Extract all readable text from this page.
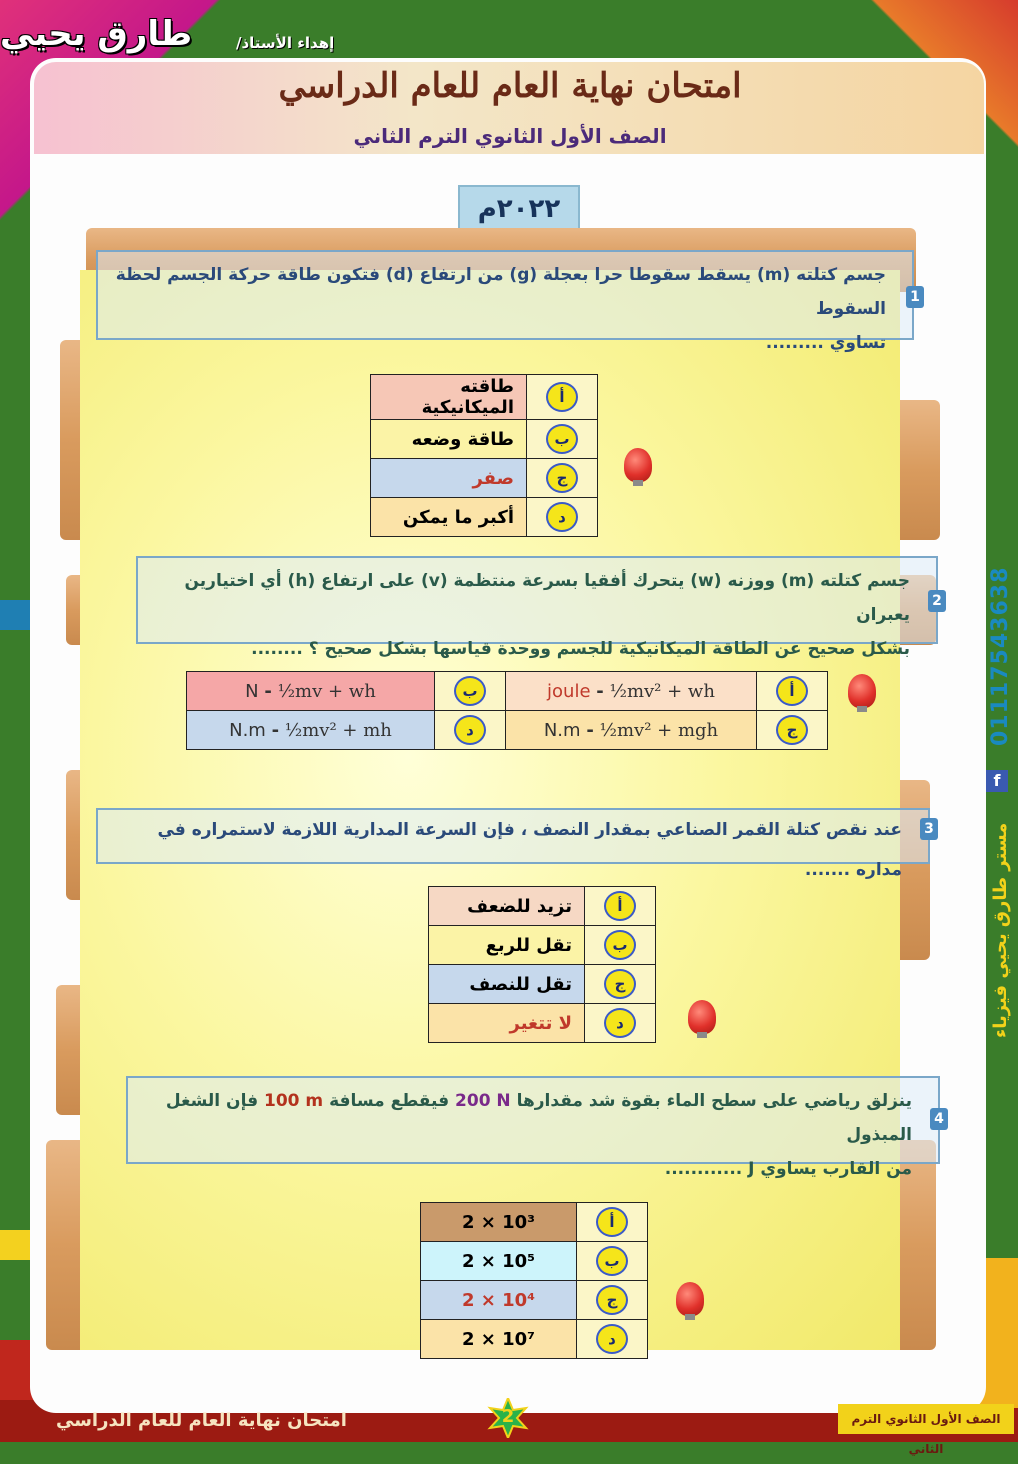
طارق يحيي	إهداء الأستاذ/
امتحان نهاية العام للعام الدراسي
الصف الأول الثانوي الترم الثاني
٢٠٢٢م
1
جسم كتلته (m) يسقط سقوطا حرا بعجلة (g) من ارتفاع (d) فتكون طاقة حركة الجسم لحظة السقوط
تساوي .........
أ	طاقته الميكانيكية
ب	طاقة وضعه
ج	صفر
د	أكبر ما يمكن
2
جسم كتلته (m) ووزنه (w) يتحرك أفقيا بسرعة منتظمة (v) على ارتفاع (h) أي اختيارين يعبران
بشكل صحيح عن الطاقة الميكانيكية للجسم ووحدة قياسها بشكل صحيح ؟ ........
أ	joule - ½mv² + wh	ب	N - ½mv + wh
ج	N.m - ½mv² + mgh	د	N.m - ½mv² + mh
3
عند نقص كتلة القمر الصناعي بمقدار النصف ، فإن السرعة المدارية اللازمة لاستمراره في مداره .......
أ	تزيد للضعف
ب	تقل للربع
ج	تقل للنصف
د	لا تتغير
4
ينزلق رياضي على سطح الماء بقوة شد مقدارها 200 N فيقطع مسافة 100 m فإن الشغل المبذول
من القارب يساوي J ............
أ	2 × 10³
ب	2 × 10⁵
ج	2 × 10⁴
د	2 × 10⁷
01117543638
f
مستر طارق يحيي فيزياء
امتحان نهاية العام للعام الدراسي	2	الصف الأول الثانوي الترم الثاني
